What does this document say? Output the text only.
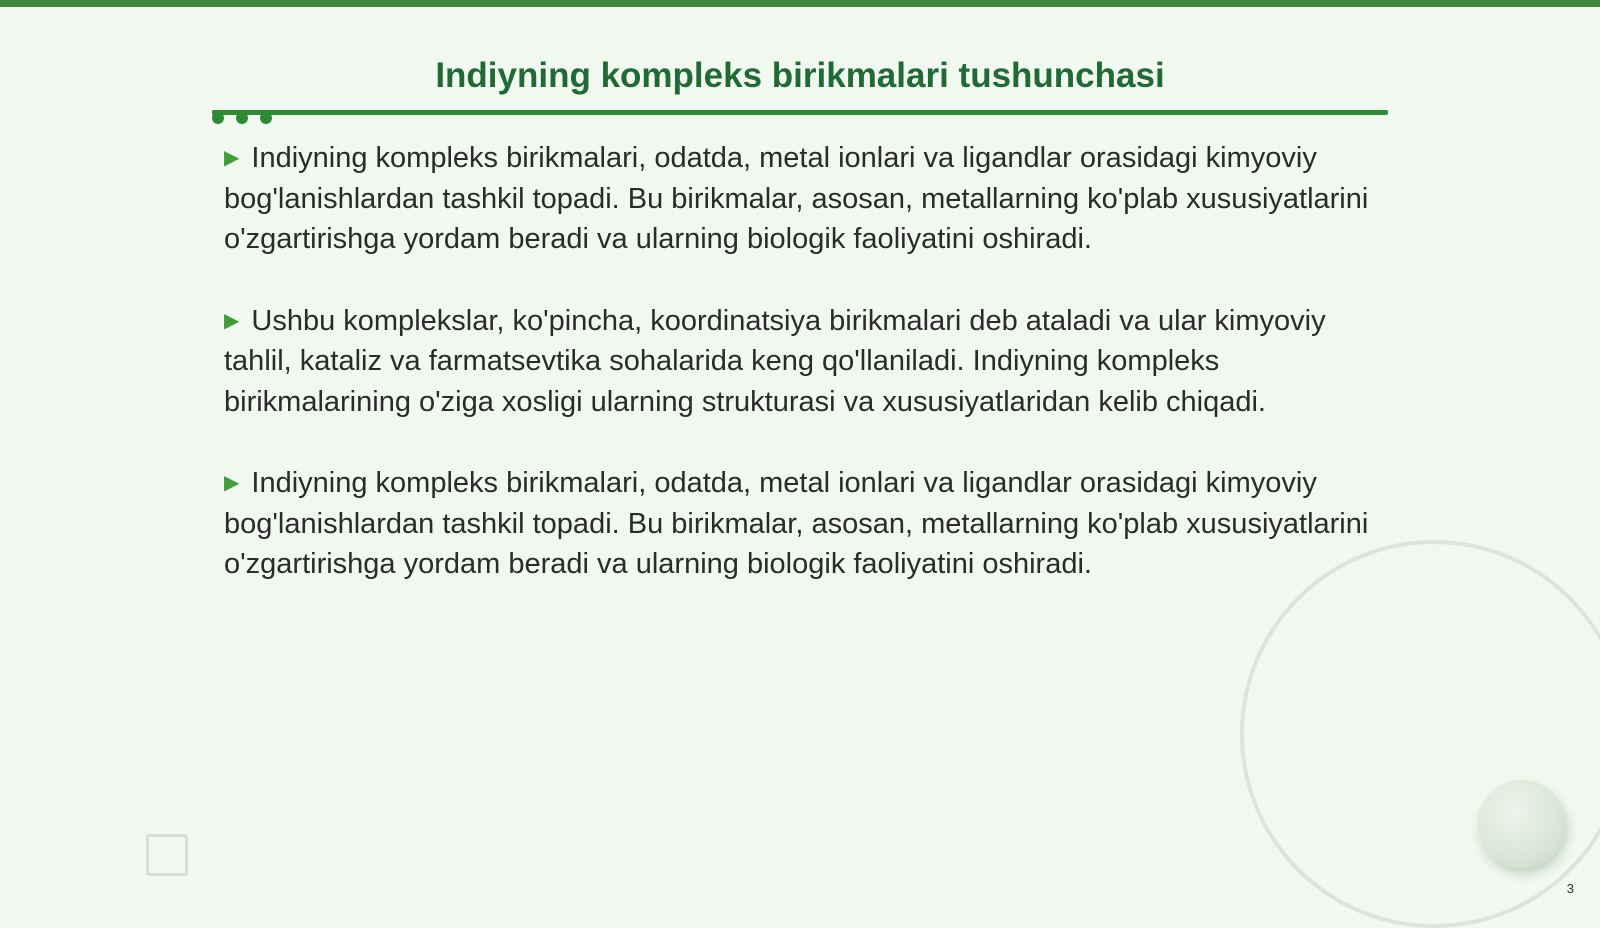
Indiyning kompleks birikmalari tushunchasi

▶ Indiyning kompleks birikmalari, odatda, metal ionlari va ligandlar orasidagi kimyoviy bog'lanishlardan tashkil topadi. Bu birikmalar, asosan, metallarning ko'plab xususiyatlarini o'zgartirishga yordam beradi va ularning biologik faoliyatini oshiradi.

▶ Ushbu komplekslar, ko'pincha, koordinatsiya birikmalari deb ataladi va ular kimyoviy tahlil, kataliz va farmatsevtika sohalarida keng qo'llaniladi. Indiyning kompleks birikmalarining o'ziga xosligi ularning strukturasi va xususiyatlaridan kelib chiqadi.

▶ Indiyning kompleks birikmalari, odatda, metal ionlari va ligandlar orasidagi kimyoviy bog'lanishlardan tashkil topadi. Bu birikmalar, asosan, metallarning ko'plab xususiyatlarini o'zgartirishga yordam beradi va ularning biologik faoliyatini oshiradi.

3
